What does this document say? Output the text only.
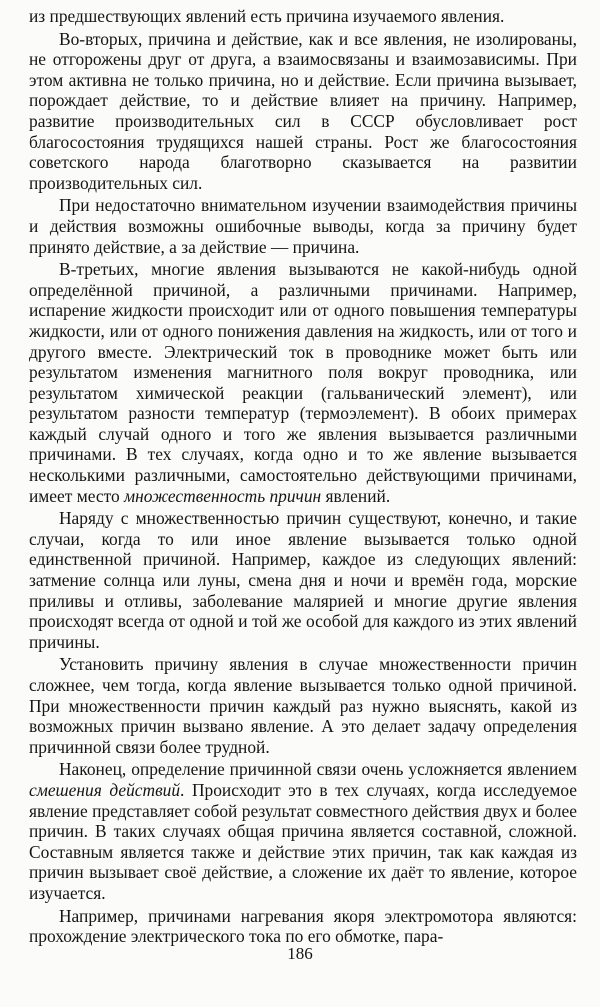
из предшествующих явлений есть причина изучаемого явления.

Во-вторых, причина и действие, как и все явления, не изолированы, не отгорожены друг от друга, а взаимосвязаны и взаимозависимы. При этом активна не только причина, но и действие. Если причина вызывает, порождает действие, то и действие влияет на причину. Например, развитие производительных сил в СССР обусловливает рост благосостояния трудящихся нашей страны. Рост же благосостояния советского народа благотворно сказывается на развитии производительных сил.

При недостаточно внимательном изучении взаимодействия причины и действия возможны ошибочные выводы, когда за причину будет принято действие, а за действие — причина.

В-третьих, многие явления вызываются не какой-нибудь одной определённой причиной, а различными причинами. Например, испарение жидкости происходит или от одного повышения температуры жидкости, или от одного понижения давления на жидкость, или от того и другого вместе. Электрический ток в проводнике может быть или результатом изменения магнитного поля вокруг проводника, или результатом химической реакции (гальванический элемент), или результатом разности температур (термоэлемент). В обоих примерах каждый случай одного и того же явления вызывается различными причинами. В тех случаях, когда одно и то же явление вызывается несколькими различными, самостоятельно действующими причинами, имеет место множественность причин явлений.

Наряду с множественностью причин существуют, конечно, и такие случаи, когда то или иное явление вызывается только одной единственной причиной. Например, каждое из следующих явлений: затмение солнца или луны, смена дня и ночи и времён года, морские приливы и отливы, заболевание малярией и многие другие явления происходят всегда от одной и той же особой для каждого из этих явлений причины.

Установить причину явления в случае множественности причин сложнее, чем тогда, когда явление вызывается только одной причиной. При множественности причин каждый раз нужно выяснять, какой из возможных причин вызвано явление. А это делает задачу определения причинной связи более трудной.

Наконец, определение причинной связи очень усложняется явлением смешения действий. Происходит это в тех случаях, когда исследуемое явление представляет собой результат совместного действия двух и более причин. В таких случаях общая причина является составной, сложной. Составным является также и действие этих причин, так как каждая из причин вызывает своё действие, а сложение их даёт то явление, которое изучается.

Например, причинами нагревания якоря электромотора являются: прохождение электрического тока по его обмотке, пара-

186
